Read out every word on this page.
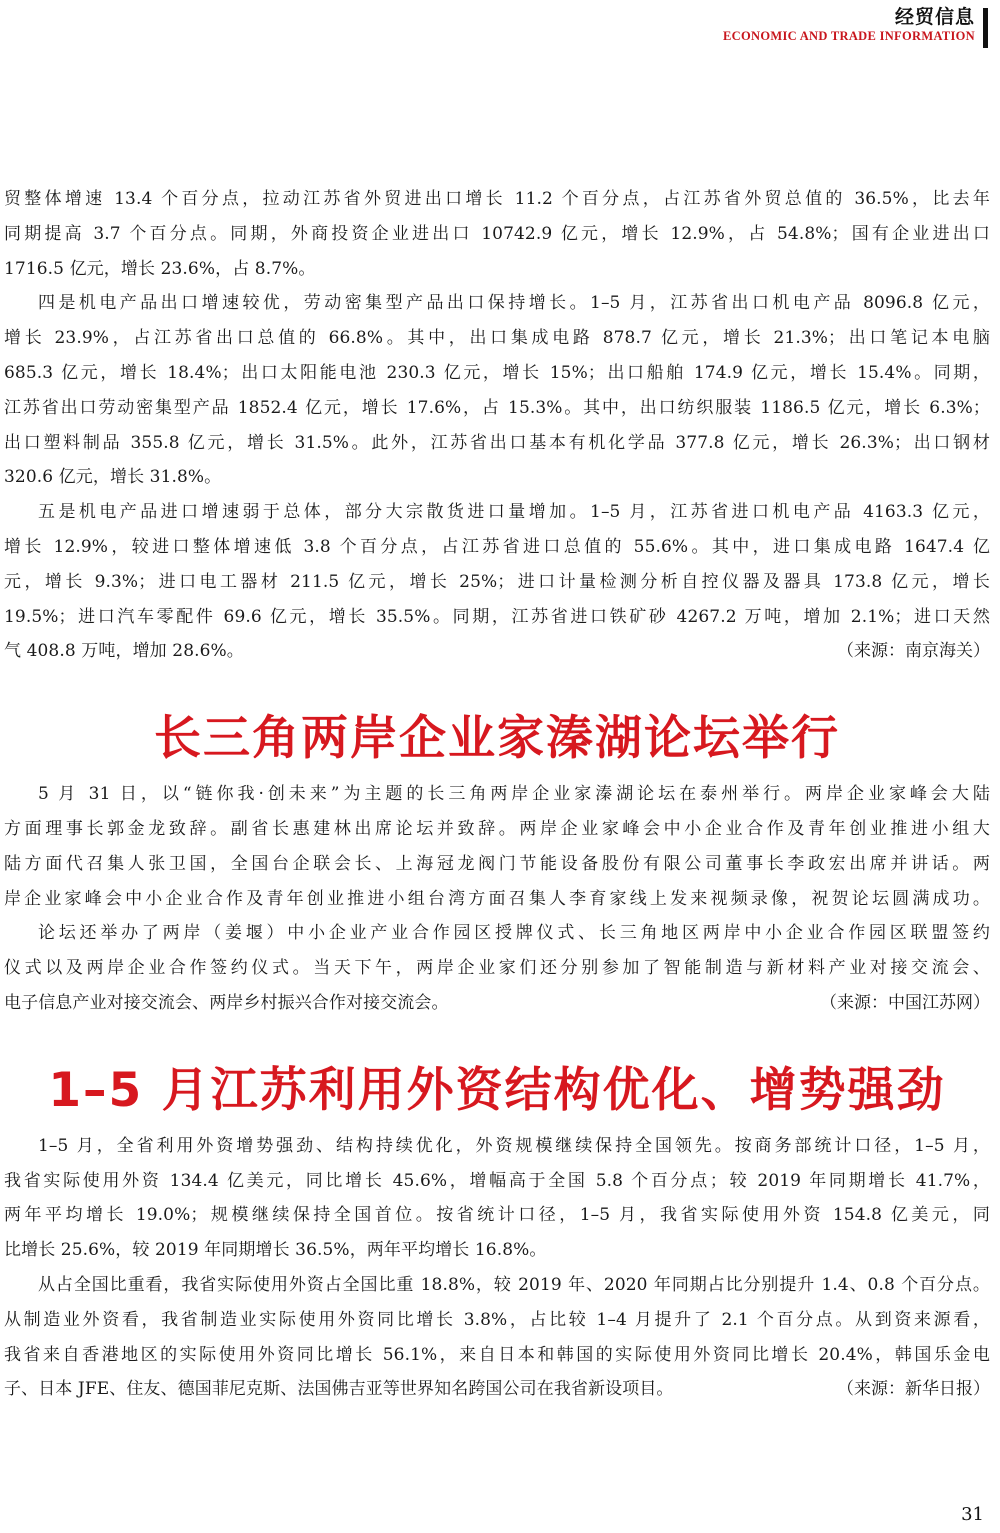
经贸信息
ECONOMIC AND TRADE INFORMATION

贸整体增速 13.4 个百分点，拉动江苏省外贸进出口增长 11.2 个百分点，占江苏省外贸总值的 36.5%，比去年

同期提高 3.7 个百分点。同期，外商投资企业进出口 10742.9 亿元，增长 12.9%，占 54.8%；国有企业进出口

1716.5 亿元，增长 23.6%，占 8.7%。

四是机电产品出口增速较优，劳动密集型产品出口保持增长。1–5 月，江苏省出口机电产品 8096.8 亿元，

增长 23.9%，占江苏省出口总值的 66.8%。其中，出口集成电路 878.7 亿元，增长 21.3%；出口笔记本电脑

685.3 亿元，增长 18.4%；出口太阳能电池 230.3 亿元，增长 15%；出口船舶 174.9 亿元，增长 15.4%。同期，

江苏省出口劳动密集型产品 1852.4 亿元，增长 17.6%，占 15.3%。其中，出口纺织服装 1186.5 亿元，增长 6.3%；

出口塑料制品 355.8 亿元，增长 31.5%。此外，江苏省出口基本有机化学品 377.8 亿元，增长 26.3%；出口钢材

320.6 亿元，增长 31.8%。

五是机电产品进口增速弱于总体，部分大宗散货进口量增加。1–5 月，江苏省进口机电产品 4163.3 亿元，

增长 12.9%，较进口整体增速低 3.8 个百分点，占江苏省进口总值的 55.6%。其中，进口集成电路 1647.4 亿

元，增长 9.3%；进口电工器材 211.5 亿元，增长 25%；进口计量检测分析自控仪器及器具 173.8 亿元，增长

19.5%；进口汽车零配件 69.6 亿元，增长 35.5%。同期，江苏省进口铁矿砂 4267.2 万吨，增加 2.1%；进口天然

气 408.8 万吨，增加 28.6%。	（来源：南京海关）
长三角两岸企业家溱湖论坛举行

5 月 31 日，以“链你我·创未来”为主题的长三角两岸企业家溱湖论坛在泰州举行。两岸企业家峰会大陆

方面理事长郭金龙致辞。副省长惠建林出席论坛并致辞。两岸企业家峰会中小企业合作及青年创业推进小组大

陆方面代召集人张卫国，全国台企联会长、上海冠龙阀门节能设备股份有限公司董事长李政宏出席并讲话。两

岸企业家峰会中小企业合作及青年创业推进小组台湾方面召集人李育家线上发来视频录像，祝贺论坛圆满成功。

论坛还举办了两岸（姜堰）中小企业产业合作园区授牌仪式、长三角地区两岸中小企业合作园区联盟签约

仪式以及两岸企业合作签约仪式。当天下午，两岸企业家们还分别参加了智能制造与新材料产业对接交流会、

电子信息产业对接交流会、两岸乡村振兴合作对接交流会。	（来源：中国江苏网）
1–5 月江苏利用外资结构优化、增势强劲

1–5 月，全省利用外资增势强劲、结构持续优化，外资规模继续保持全国领先。按商务部统计口径，1–5 月，

我省实际使用外资 134.4 亿美元，同比增长 45.6%，增幅高于全国 5.8 个百分点；较 2019 年同期增长 41.7%，

两年平均增长 19.0%；规模继续保持全国首位。按省统计口径，1–5 月，我省实际使用外资 154.8 亿美元，同

比增长 25.6%，较 2019 年同期增长 36.5%，两年平均增长 16.8%。

从占全国比重看，我省实际使用外资占全国比重 18.8%，较 2019 年、2020 年同期占比分别提升 1.4、0.8 个百分点。

从制造业外资看，我省制造业实际使用外资同比增长 3.8%，占比较 1–4 月提升了 2.1 个百分点。从到资来源看，

我省来自香港地区的实际使用外资同比增长 56.1%，来自日本和韩国的实际使用外资同比增长 20.4%，韩国乐金电

子、日本 JFE、住友、德国菲尼克斯、法国佛吉亚等世界知名跨国公司在我省新设项目。	（来源：新华日报）
31
